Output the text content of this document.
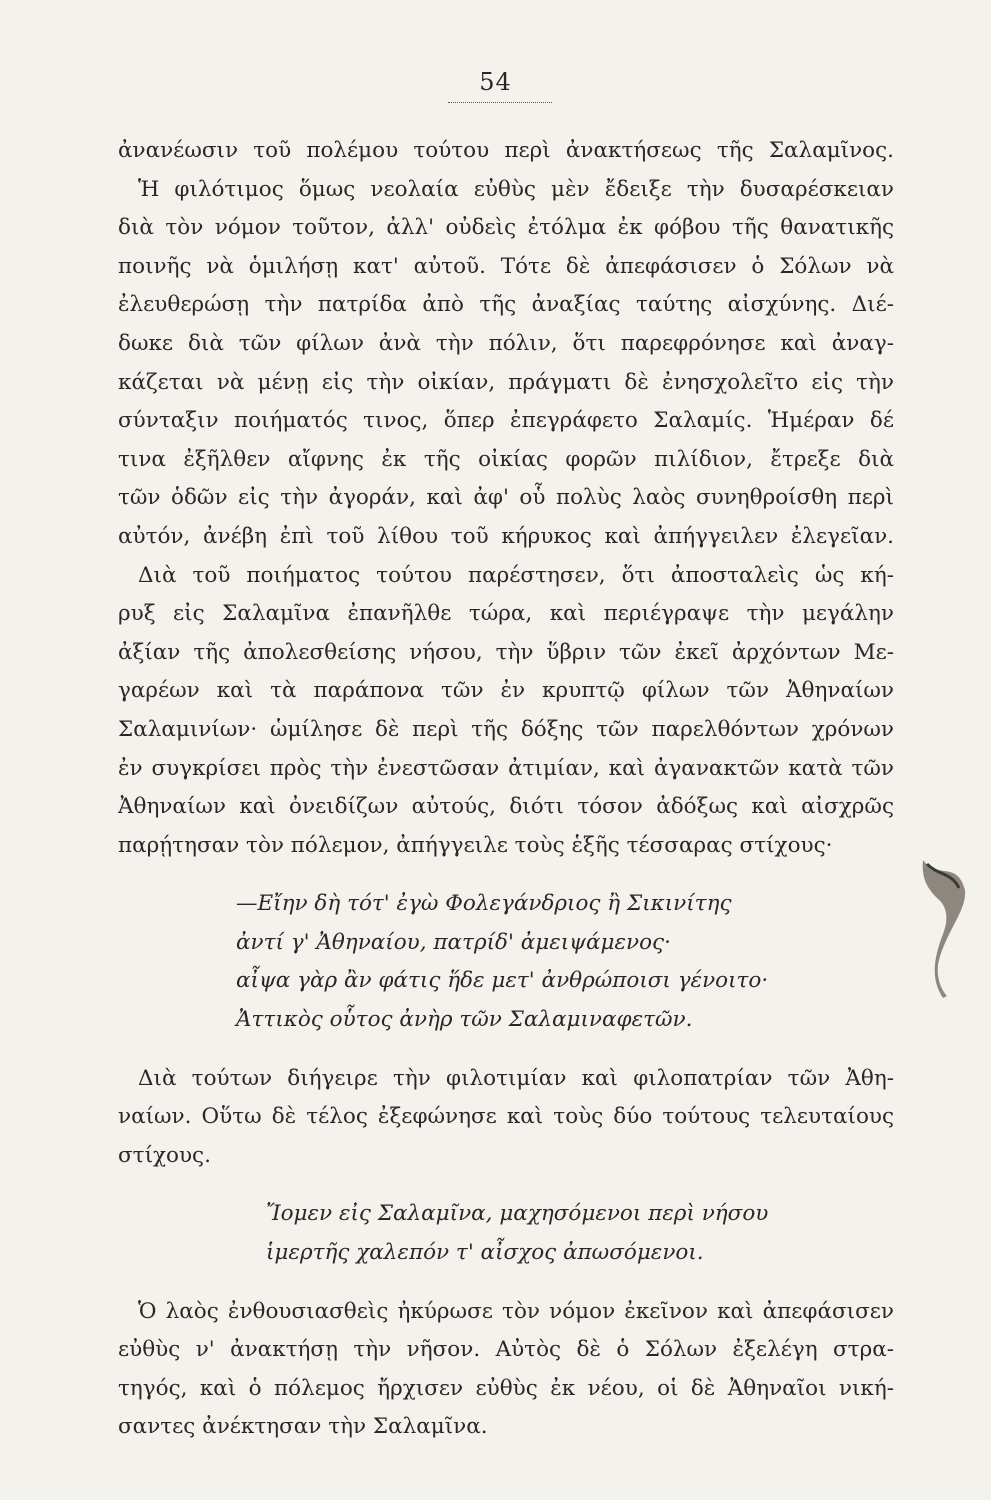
54
ἀνανέωσιν τοῦ πολέμου τούτου περὶ ἀνακτήσεως τῆς Σαλαμῖνος.
Ἡ φιλότιμος ὅμως νεολαία εὐθὺς μὲν ἔδειξε τὴν δυσαρέσκειαν
διὰ τὸν νόμον τοῦτον, ἀλλ' οὐδεὶς ἐτόλμα ἐκ φόβου τῆς θανατικῆς
ποινῆς νὰ ὁμιλήσῃ κατ' αὐτοῦ. Τότε δὲ ἀπεφάσισεν ὁ Σόλων νὰ
ἐλευθερώσῃ τὴν πατρίδα ἀπὸ τῆς ἀναξίας ταύτης αἰσχύνης. Διέ-
δωκε διὰ τῶν φίλων ἀνὰ τὴν πόλιν, ὅτι παρεφρόνησε καὶ ἀναγ-
κάζεται νὰ μένῃ εἰς τὴν οἰκίαν, πράγματι δὲ ἐνησχολεῖτο εἰς τὴν
σύνταξιν ποιήματός τινος, ὅπερ ἐπεγράφετο Σαλαμίς. Ἡμέραν δέ
τινα ἐξῆλθεν αἴφνης ἐκ τῆς οἰκίας φορῶν πιλίδιον, ἔτρεξε διὰ
τῶν ὁδῶν εἰς τὴν ἀγοράν, καὶ ἀφ' οὗ πολὺς λαὸς συνηθροίσθη περὶ
αὐτόν, ἀνέβη ἐπὶ τοῦ λίθου τοῦ κήρυκος καὶ ἀπήγγειλεν ἐλεγεῖαν.
Διὰ τοῦ ποιήματος τούτου παρέστησεν, ὅτι ἀποσταλεὶς ὡς κή-
ρυξ εἰς Σαλαμῖνα ἐπανῆλθε τώρα, καὶ περιέγραψε τὴν μεγάλην
ἀξίαν τῆς ἀπολεσθείσης νήσου, τὴν ὕβριν τῶν ἐκεῖ ἀρχόντων Με-
γαρέων καὶ τὰ παράπονα τῶν ἐν κρυπτῷ φίλων τῶν Ἀθηναίων
Σαλαμινίων· ὡμίλησε δὲ περὶ τῆς δόξης τῶν παρελθόντων χρόνων
ἐν συγκρίσει πρὸς τὴν ἐνεστῶσαν ἀτιμίαν, καὶ ἀγανακτῶν κατὰ τῶν
Ἀθηναίων καὶ ὀνειδίζων αὐτούς, διότι τόσον ἀδόξως καὶ αἰσχρῶς
παρῄτησαν τὸν πόλεμον, ἀπήγγειλε τοὺς ἑξῆς τέσσαρας στίχους·
—Εἴην δὴ τότ' ἐγὼ Φολεγάνδριος ἢ Σικινίτης
ἀντί γ' Ἀθηναίου, πατρίδ' ἀμειψάμενος·
αἶψα γὰρ ἂν φάτις ἥδε μετ' ἀνθρώποισι γένοιτο·
Ἀττικὸς οὗτος ἀνὴρ τῶν Σαλαμιναφετῶν.
Διὰ τούτων διήγειρε τὴν φιλοτιμίαν καὶ φιλοπατρίαν τῶν Ἀθη-
ναίων. Οὕτω δὲ τέλος ἐξεφώνησε καὶ τοὺς δύο τούτους τελευταίους
στίχους.
Ἴομεν εἰς Σαλαμῖνα, μαχησόμενοι περὶ νήσου
ἱμερτῆς χαλεπόν τ' αἶσχος ἀπωσόμενοι.
Ὁ λαὸς ἐνθουσιασθεὶς ἠκύρωσε τὸν νόμον ἐκεῖνον καὶ ἀπεφάσισεν
εὐθὺς ν' ἀνακτήσῃ τὴν νῆσον. Αὐτὸς δὲ ὁ Σόλων ἐξελέγη στρα-
τηγός, καὶ ὁ πόλεμος ἤρχισεν εὐθὺς ἐκ νέου, οἱ δὲ Ἀθηναῖοι νική-
σαντες ἀνέκτησαν τὴν Σαλαμῖνα.
